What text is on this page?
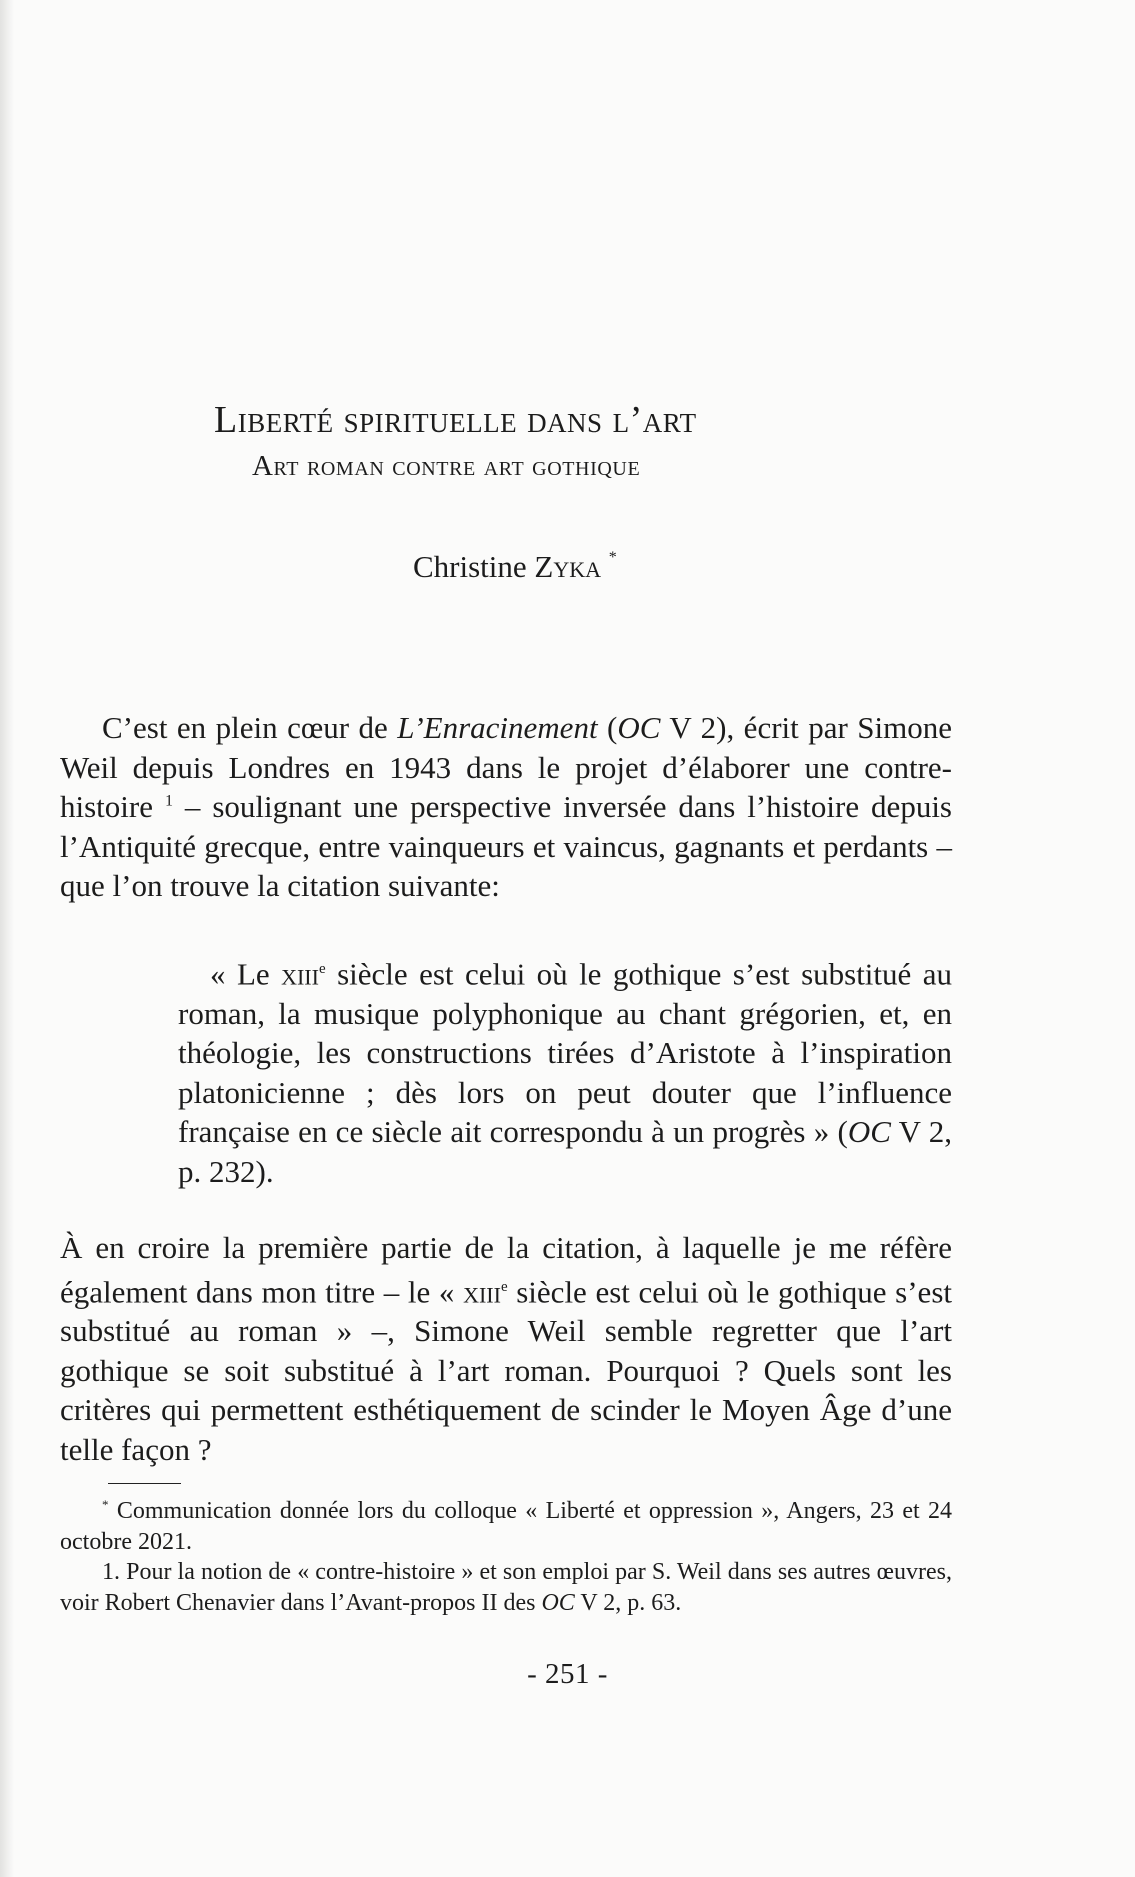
Liberté spirituelle dans l’art
Art roman contre art gothique
Christine Zyka *

C’est en plein cœur de L’Enracinement (OC V 2), écrit par Simone Weil depuis Londres en 1943 dans le projet d’élaborer une contre-histoire $^1$ – soulignant une perspective inversée dans l’histoire depuis l’Antiquité grecque, entre vainqueurs et vaincus, gagnants et perdants – que l’on trouve la citation suivante:

« Le xiii$^e$ siècle est celui où le gothique s’est substitué au roman, la musique polyphonique au chant grégorien, et, en théologie, les constructions tirées d’Aristote à l’inspiration platonicienne ; dès lors on peut douter que l’influence française en ce siècle ait correspondu à un progrès » (OC V 2, p. 232).

À en croire la première partie de la citation, à laquelle je me réfère également dans mon titre – le « xiii$^e$ siècle est celui où le gothique s’est substitué au roman » –, Simone Weil semble regretter que l’art gothique se soit substitué à l’art roman. Pourquoi ? Quels sont les critères qui permettent esthétiquement de scinder le Moyen Âge d’une telle façon ?

* Communication donnée lors du colloque « Liberté et oppression », Angers, 23 et 24 octobre 2021.

1. Pour la notion de « contre-histoire » et son emploi par S. Weil dans ses autres œuvres, voir Robert Chenavier dans l’Avant-propos II des OC V 2, p. 63.

- 251 -
